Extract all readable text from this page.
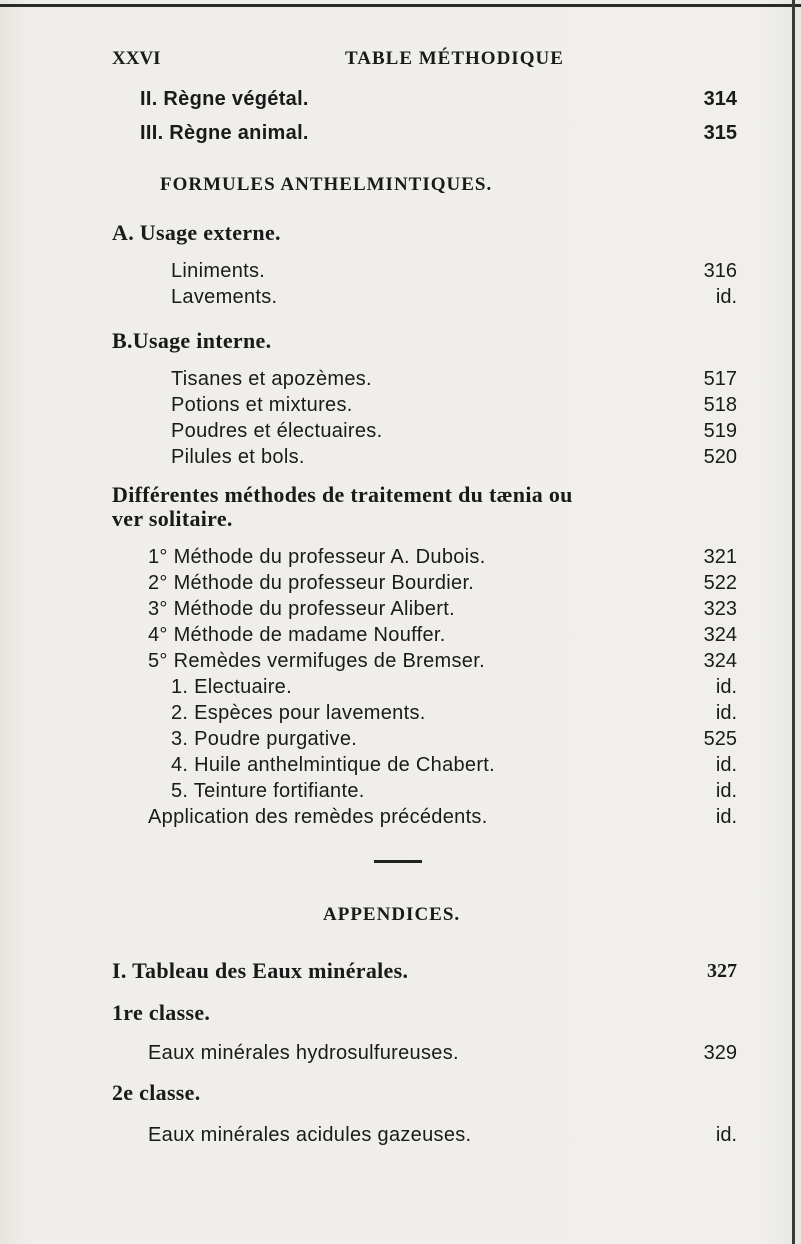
XXVI	TABLE MÉTHODIQUE
II. Règne végétal.	314
III. Règne animal.	315
FORMULES ANTHELMINTIQUES.
A. Usage externe.
Liniments.	316
Lavements.	id.
B.Usage interne.
Tisanes et apozèmes.	517
Potions et mixtures.	518
Poudres et électuaires.	519
Pilules et bols.	520
Différentes méthodes de traitement du tænia ou
ver solitaire.
1° Méthode du professeur A. Dubois.	321
2° Méthode du professeur Bourdier.	522
3° Méthode du professeur Alibert.	323
4° Méthode de madame Nouffer.	324
5° Remèdes vermifuges de Bremser.	324
1. Electuaire.	id.
2. Espèces pour lavements.	id.
3. Poudre purgative.	525
4. Huile anthelmintique de Chabert.	id.
5. Teinture fortifiante.	id.
Application des remèdes précédents.	id.
APPENDICES.
I. Tableau des Eaux minérales.	327
1re classe.
Eaux minérales hydrosulfureuses.	329
2e classe.
Eaux minérales acidules gazeuses.	id.
